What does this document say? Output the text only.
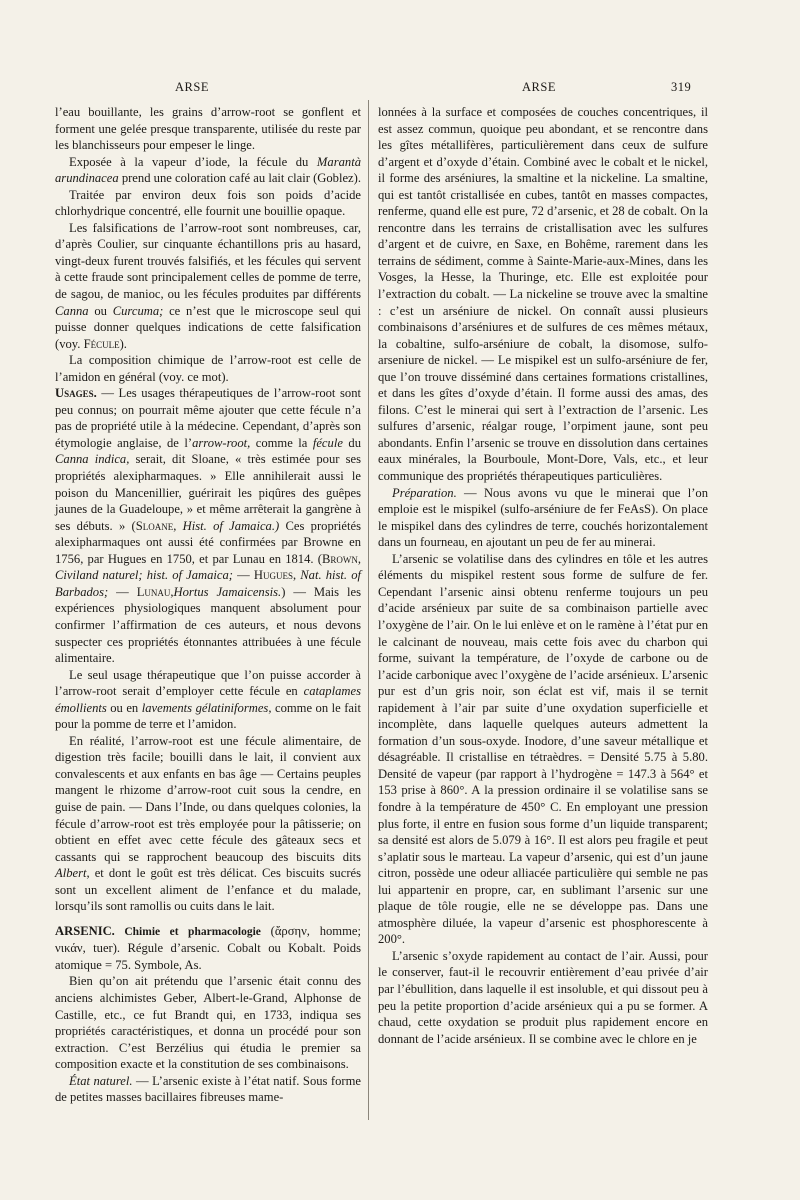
ARSE	ARSE	319

l’eau bouillante, les grains d’arrow-root se gonflent et forment une gelée presque transparente, utilisée du reste par les blanchisseurs pour empeser le linge.

Exposée à la vapeur d’iode, la fécule du Marantà arundinacea prend une coloration café au lait clair (Goblez).

Traitée par environ deux fois son poids d’acide chlorhydrique concentré, elle fournit une bouillie opaque.

Les falsifications de l’arrow-root sont nombreuses, car, d’après Coulier, sur cinquante échantillons pris au hasard, vingt-deux furent trouvés falsifiés, et les fécules qui servent à cette fraude sont principalement celles de pomme de terre, de sagou, de manioc, ou les fécules produites par différents Canna ou Curcuma; ce n’est que le microscope seul qui puisse donner quelques indications de cette falsification (voy. Fécule).

La composition chimique de l’arrow-root est celle de l’amidon en général (voy. ce mot).

Usages. — Les usages thérapeutiques de l’arrow-root sont peu connus; on pourrait même ajouter que cette fécule n’a pas de propriété utile à la médecine. Cependant, d’après son étymologie anglaise, de l’arrow-root, comme la fécule du Canna indica, serait, dit Sloane, « très estimée pour ses propriétés alexipharmaques. » Elle annihilerait aussi le poison du Mancenillier, guérirait les piqûres des guêpes jaunes de la Guadeloupe, » et même arrêterait la gangrène à ses débuts. » (Sloane, Hist. of Jamaica.) Ces propriétés alexipharmaques ont aussi été confirmées par Browne en 1756, par Hugues en 1750, et par Lunau en 1814. (Brown, Civiland naturel; hist. of Jamaica; — Hugues, Nat. hist. of Barbados; — Lunau,Hortus Jamaicensis.) — Mais les expériences physiologiques manquent absolument pour confirmer l’affirmation de ces auteurs, et nous devons suspecter ces propriétés étonnantes attribuées à une fécule alimentaire.

Le seul usage thérapeutique que l’on puisse accorder à l’arrow-root serait d’employer cette fécule en cataplames émollients ou en lavements gélatiniformes, comme on le fait pour la pomme de terre et l’amidon.

En réalité, l’arrow-root est une fécule alimentaire, de digestion très facile; bouilli dans le lait, il convient aux convalescents et aux enfants en bas âge — Certains peuples mangent le rhizome d’arrow-root cuit sous la cendre, en guise de pain. — Dans l’Inde, ou dans quelques colonies, la fécule d’arrow-root est très employée pour la pâtisserie; on obtient en effet avec cette fécule des gâteaux secs et cassants qui se rapprochent beaucoup des biscuits dits Albert, et dont le goût est très délicat. Ces biscuits sucrés sont un excellent aliment de l’enfance et du malade, lorsqu’ils sont ramollis ou cuits dans le lait.

ARSENIC. Chimie et pharmacologie (ἄρσην, homme; νικάν, tuer). Régule d’arsenic. Cobalt ou Kobalt. Poids atomique = 75. Symbole, As.

Bien qu’on ait prétendu que l’arsenic était connu des anciens alchimistes Geber, Albert-le-Grand, Alphonse de Castille, etc., ce fut Brandt qui, en 1733, indiqua ses propriétés caractéristiques, et donna un procédé pour son extraction. C’est Berzélius qui étudia le premier sa composition exacte et la constitution de ses combinaisons.

État naturel. — L’arsenic existe à l’état natif. Sous forme de petites masses bacillaires fibreuses mame-

lonnées à la surface et composées de couches concentriques, il est assez commun, quoique peu abondant, et se rencontre dans les gîtes métallifères, particulièrement dans ceux de sulfure d’argent et d’oxyde d’étain. Combiné avec le cobalt et le nickel, il forme des arséniures, la smaltine et la nickeline. La smaltine, qui est tantôt cristallisée en cubes, tantôt en masses compactes, renferme, quand elle est pure, 72 d’arsenic, et 28 de cobalt. On la rencontre dans les terrains de cristallisation avec les sulfures d’argent et de cuivre, en Saxe, en Bohême, rarement dans les terrains de sédiment, comme à Sainte-Marie-aux-Mines, dans les Vosges, la Hesse, la Thuringe, etc. Elle est exploitée pour l’extraction du cobalt. — La nickeline se trouve avec la smaltine : c’est un arséniure de nickel. On connaît aussi plusieurs combinaisons d’arséniures et de sulfures de ces mêmes métaux, la cobaltine, sulfo-arséniure de cobalt, la disomose, sulfo-arseniure de nickel. — Le mispikel est un sulfo-arséniure de fer, que l’on trouve disséminé dans certaines formations cristallines, et dans les gîtes d’oxyde d’étain. Il forme aussi des amas, des filons. C’est le minerai qui sert à l’extraction de l’arsenic. Les sulfures d’arsenic, réalgar rouge, l’orpiment jaune, sont peu abondants. Enfin l’arsenic se trouve en dissolution dans certaines eaux minérales, la Bourboule, Mont-Dore, Vals, etc., et leur communique des propriétés thérapeutiques particulières.

Préparation. — Nous avons vu que le minerai que l’on emploie est le mispikel (sulfo-arséniure de fer FeAsS). On place le mispikel dans des cylindres de terre, couchés horizontalement dans un fourneau, en ajoutant un peu de fer au minerai.

L’arsenic se volatilise dans des cylindres en tôle et les autres éléments du mispikel restent sous forme de sulfure de fer. Cependant l’arsenic ainsi obtenu renferme toujours un peu d’acide arsénieux par suite de sa combinaison partielle avec l’oxygène de l’air. On le lui enlève et on le ramène à l’état pur en le calcinant de nouveau, mais cette fois avec du charbon qui forme, suivant la température, de l’oxyde de carbone ou de l’acide carbonique avec l’oxygène de l’acide arsénieux. L’arsenic pur est d’un gris noir, son éclat est vif, mais il se ternit rapidement à l’air par suite d’une oxydation superficielle et incomplète, dans laquelle quelques auteurs admettent la formation d’un sous-oxyde. Inodore, d’une saveur métallique et désagréable. Il cristallise en tétraèdres. = Densité 5.75 à 5.80. Densité de vapeur (par rapport à l’hydrogène = 147.3 à 564° et 153 prise à 860°. A la pression ordinaire il se volatilise sans se fondre à la température de 450° C. En employant une pression plus forte, il entre en fusion sous forme d’un liquide transparent; sa densité est alors de 5.079 à 16°. Il est alors peu fragile et peut s’aplatir sous le marteau. La vapeur d’arsenic, qui est d’un jaune citron, possède une odeur alliacée particulière qui semble ne pas lui appartenir en propre, car, en sublimant l’arsenic sur une plaque de tôle rougie, elle ne se développe pas. Dans une atmosphère diluée, la vapeur d’arsenic est phosphorescente à 200°.

L’arsenic s’oxyde rapidement au contact de l’air. Aussi, pour le conserver, faut-il le recouvrir entièrement d’eau privée d’air par l’ébullition, dans laquelle il est insoluble, et qui dissout peu à peu la petite proportion d’acide arsénieux qui a pu se former. A chaud, cette oxydation se produit plus rapidement encore en donnant de l’acide arsénieux. Il se combine avec le chlore en je
